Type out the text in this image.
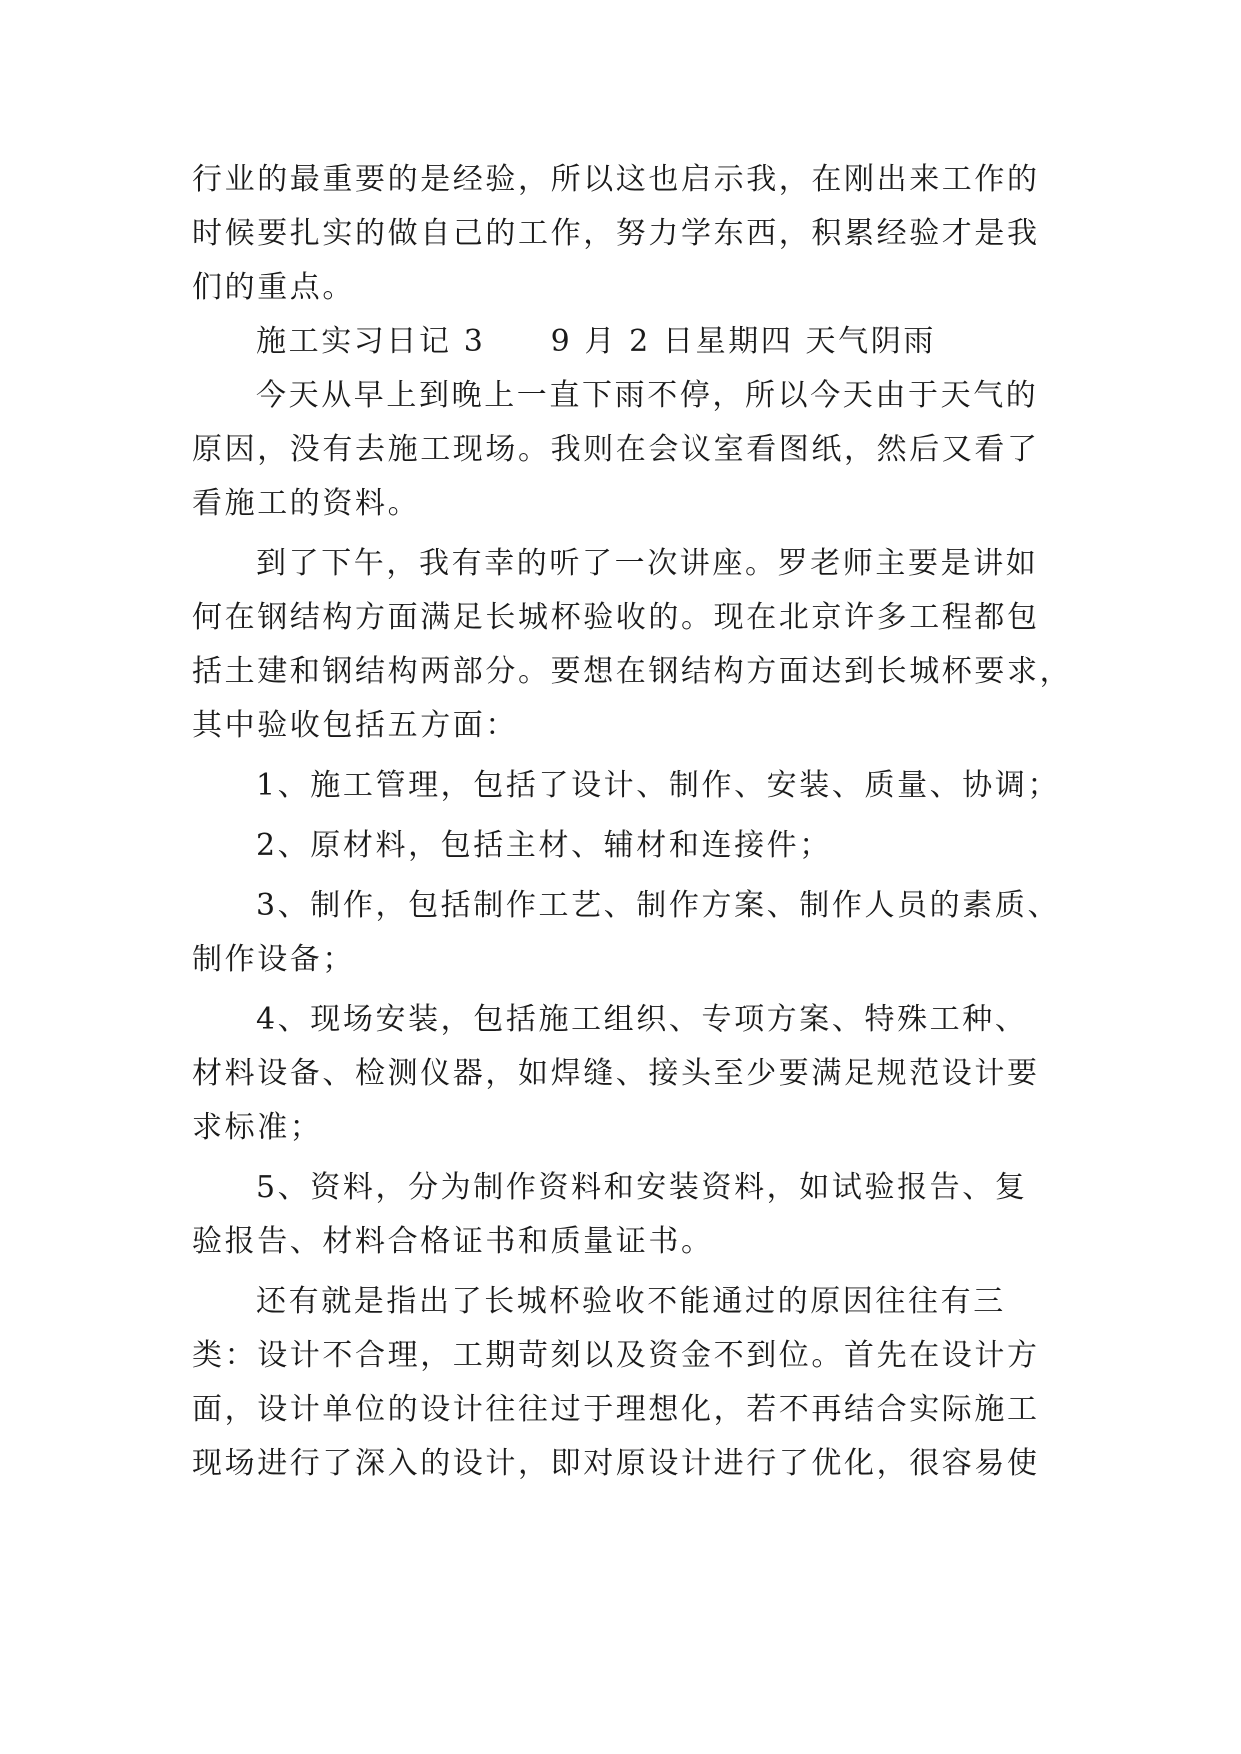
行业的最重要的是经验，所以这也启示我，在刚出来工作的
时候要扎实的做自己的工作，努力学东西，积累经验才是我
们的重点。
施工实习日记 3　　9 月 2 日星期四 天气阴雨
今天从早上到晚上一直下雨不停，所以今天由于天气的
原因，没有去施工现场。我则在会议室看图纸，然后又看了
看施工的资料。
到了下午，我有幸的听了一次讲座。罗老师主要是讲如
何在钢结构方面满足长城杯验收的。现在北京许多工程都包
括土建和钢结构两部分。要想在钢结构方面达到长城杯要求，
其中验收包括五方面：
1、施工管理，包括了设计、制作、安装、质量、协调；
2、原材料，包括主材、辅材和连接件；
3、制作，包括制作工艺、制作方案、制作人员的素质、
制作设备；
4、现场安装，包括施工组织、专项方案、特殊工种、
材料设备、检测仪器，如焊缝、接头至少要满足规范设计要
求标准；
5、资料，分为制作资料和安装资料，如试验报告、复
验报告、材料合格证书和质量证书。
还有就是指出了长城杯验收不能通过的原因往往有三
类：设计不合理，工期苛刻以及资金不到位。首先在设计方
面，设计单位的设计往往过于理想化，若不再结合实际施工
现场进行了深入的设计，即对原设计进行了优化，很容易使
